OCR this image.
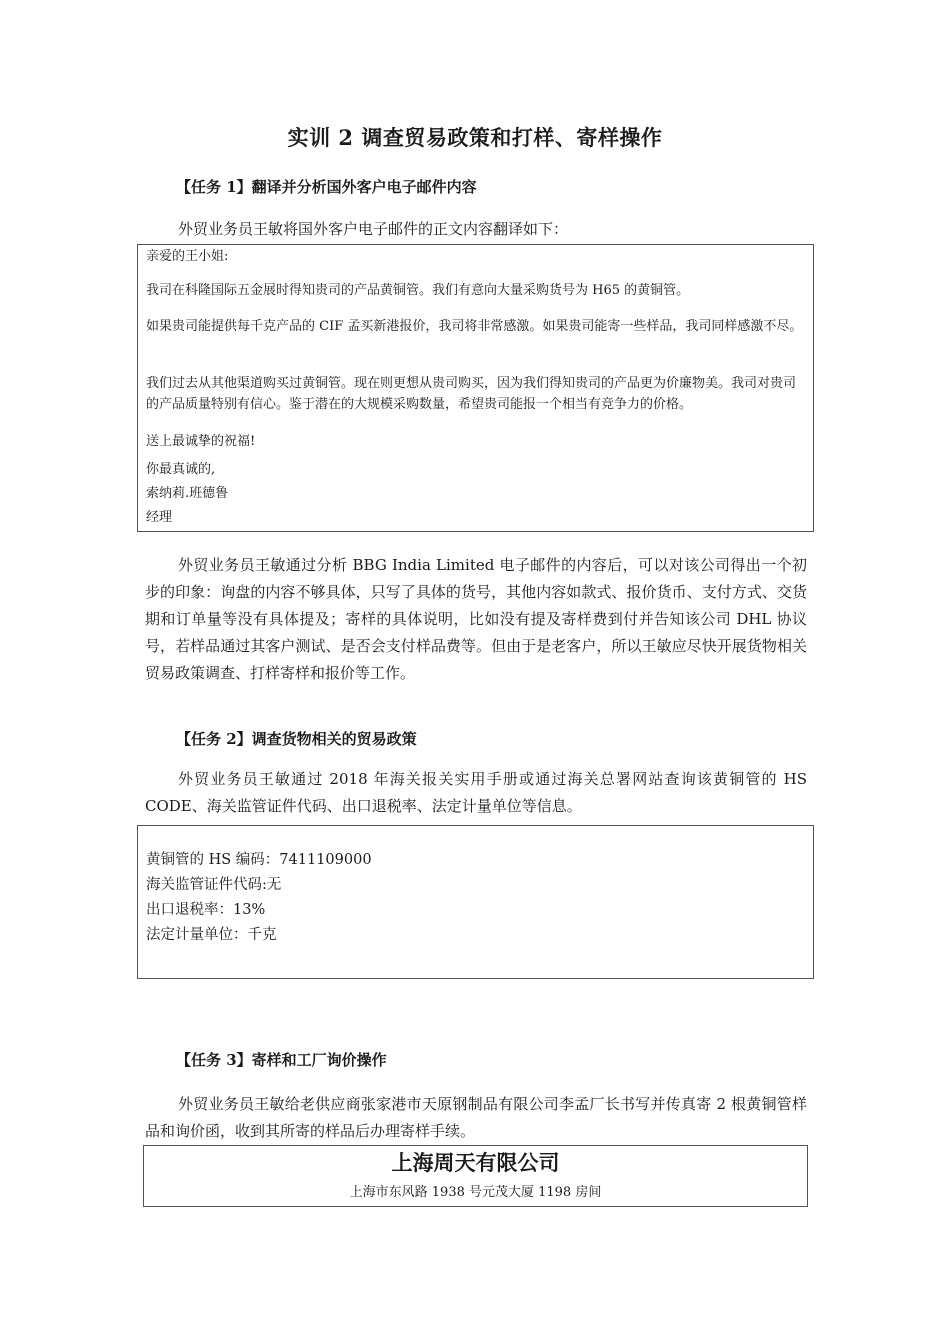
实训 2 调查贸易政策和打样、寄样操作
【任务 1】翻译并分析国外客户电子邮件内容
外贸业务员王敏将国外客户电子邮件的正文内容翻译如下：
亲爱的王小姐:
我司在科隆国际五金展时得知贵司的产品黄铜管。我们有意向大量采购货号为 H65 的黄铜管。
如果贵司能提供每千克产品的 CIF 孟买新港报价，我司将非常感激。如果贵司能寄一些样品，我司同样感激不尽。
我们过去从其他渠道购买过黄铜管。现在则更想从贵司购买，因为我们得知贵司的产品更为价廉物美。我司对贵司的产品质量特别有信心。鉴于潜在的大规模采购数量，希望贵司能报一个相当有竞争力的价格。
送上最诚挚的祝福!
你最真诚的,
索纳莉.班德鲁
经理
外贸业务员王敏通过分析 BBG India Limited 电子邮件的内容后，可以对该公司得出一个初步的印象：询盘的内容不够具体，只写了具体的货号，其他内容如款式、报价货币、支付方式、交货期和订单量等没有具体提及；寄样的具体说明，比如没有提及寄样费到付并告知该公司 DHL 协议号，若样品通过其客户测试、是否会支付样品费等。但由于是老客户，所以王敏应尽快开展货物相关贸易政策调查、打样寄样和报价等工作。
【任务 2】调查货物相关的贸易政策
外贸业务员王敏通过 2018 年海关报关实用手册或通过海关总署网站查询该黄铜管的 HS CODE、海关监管证件代码、出口退税率、法定计量单位等信息。
黄铜管的 HS 编码：7411109000
海关监管证件代码:无
出口退税率：13%
法定计量单位：千克
【任务 3】寄样和工厂询价操作
外贸业务员王敏给老供应商张家港市天原钢制品有限公司李孟厂长书写并传真寄 2 根黄铜管样品和询价函，收到其所寄的样品后办理寄样手续。
上海周天有限公司
上海市东风路 1938 号元茂大厦 1198 房间
